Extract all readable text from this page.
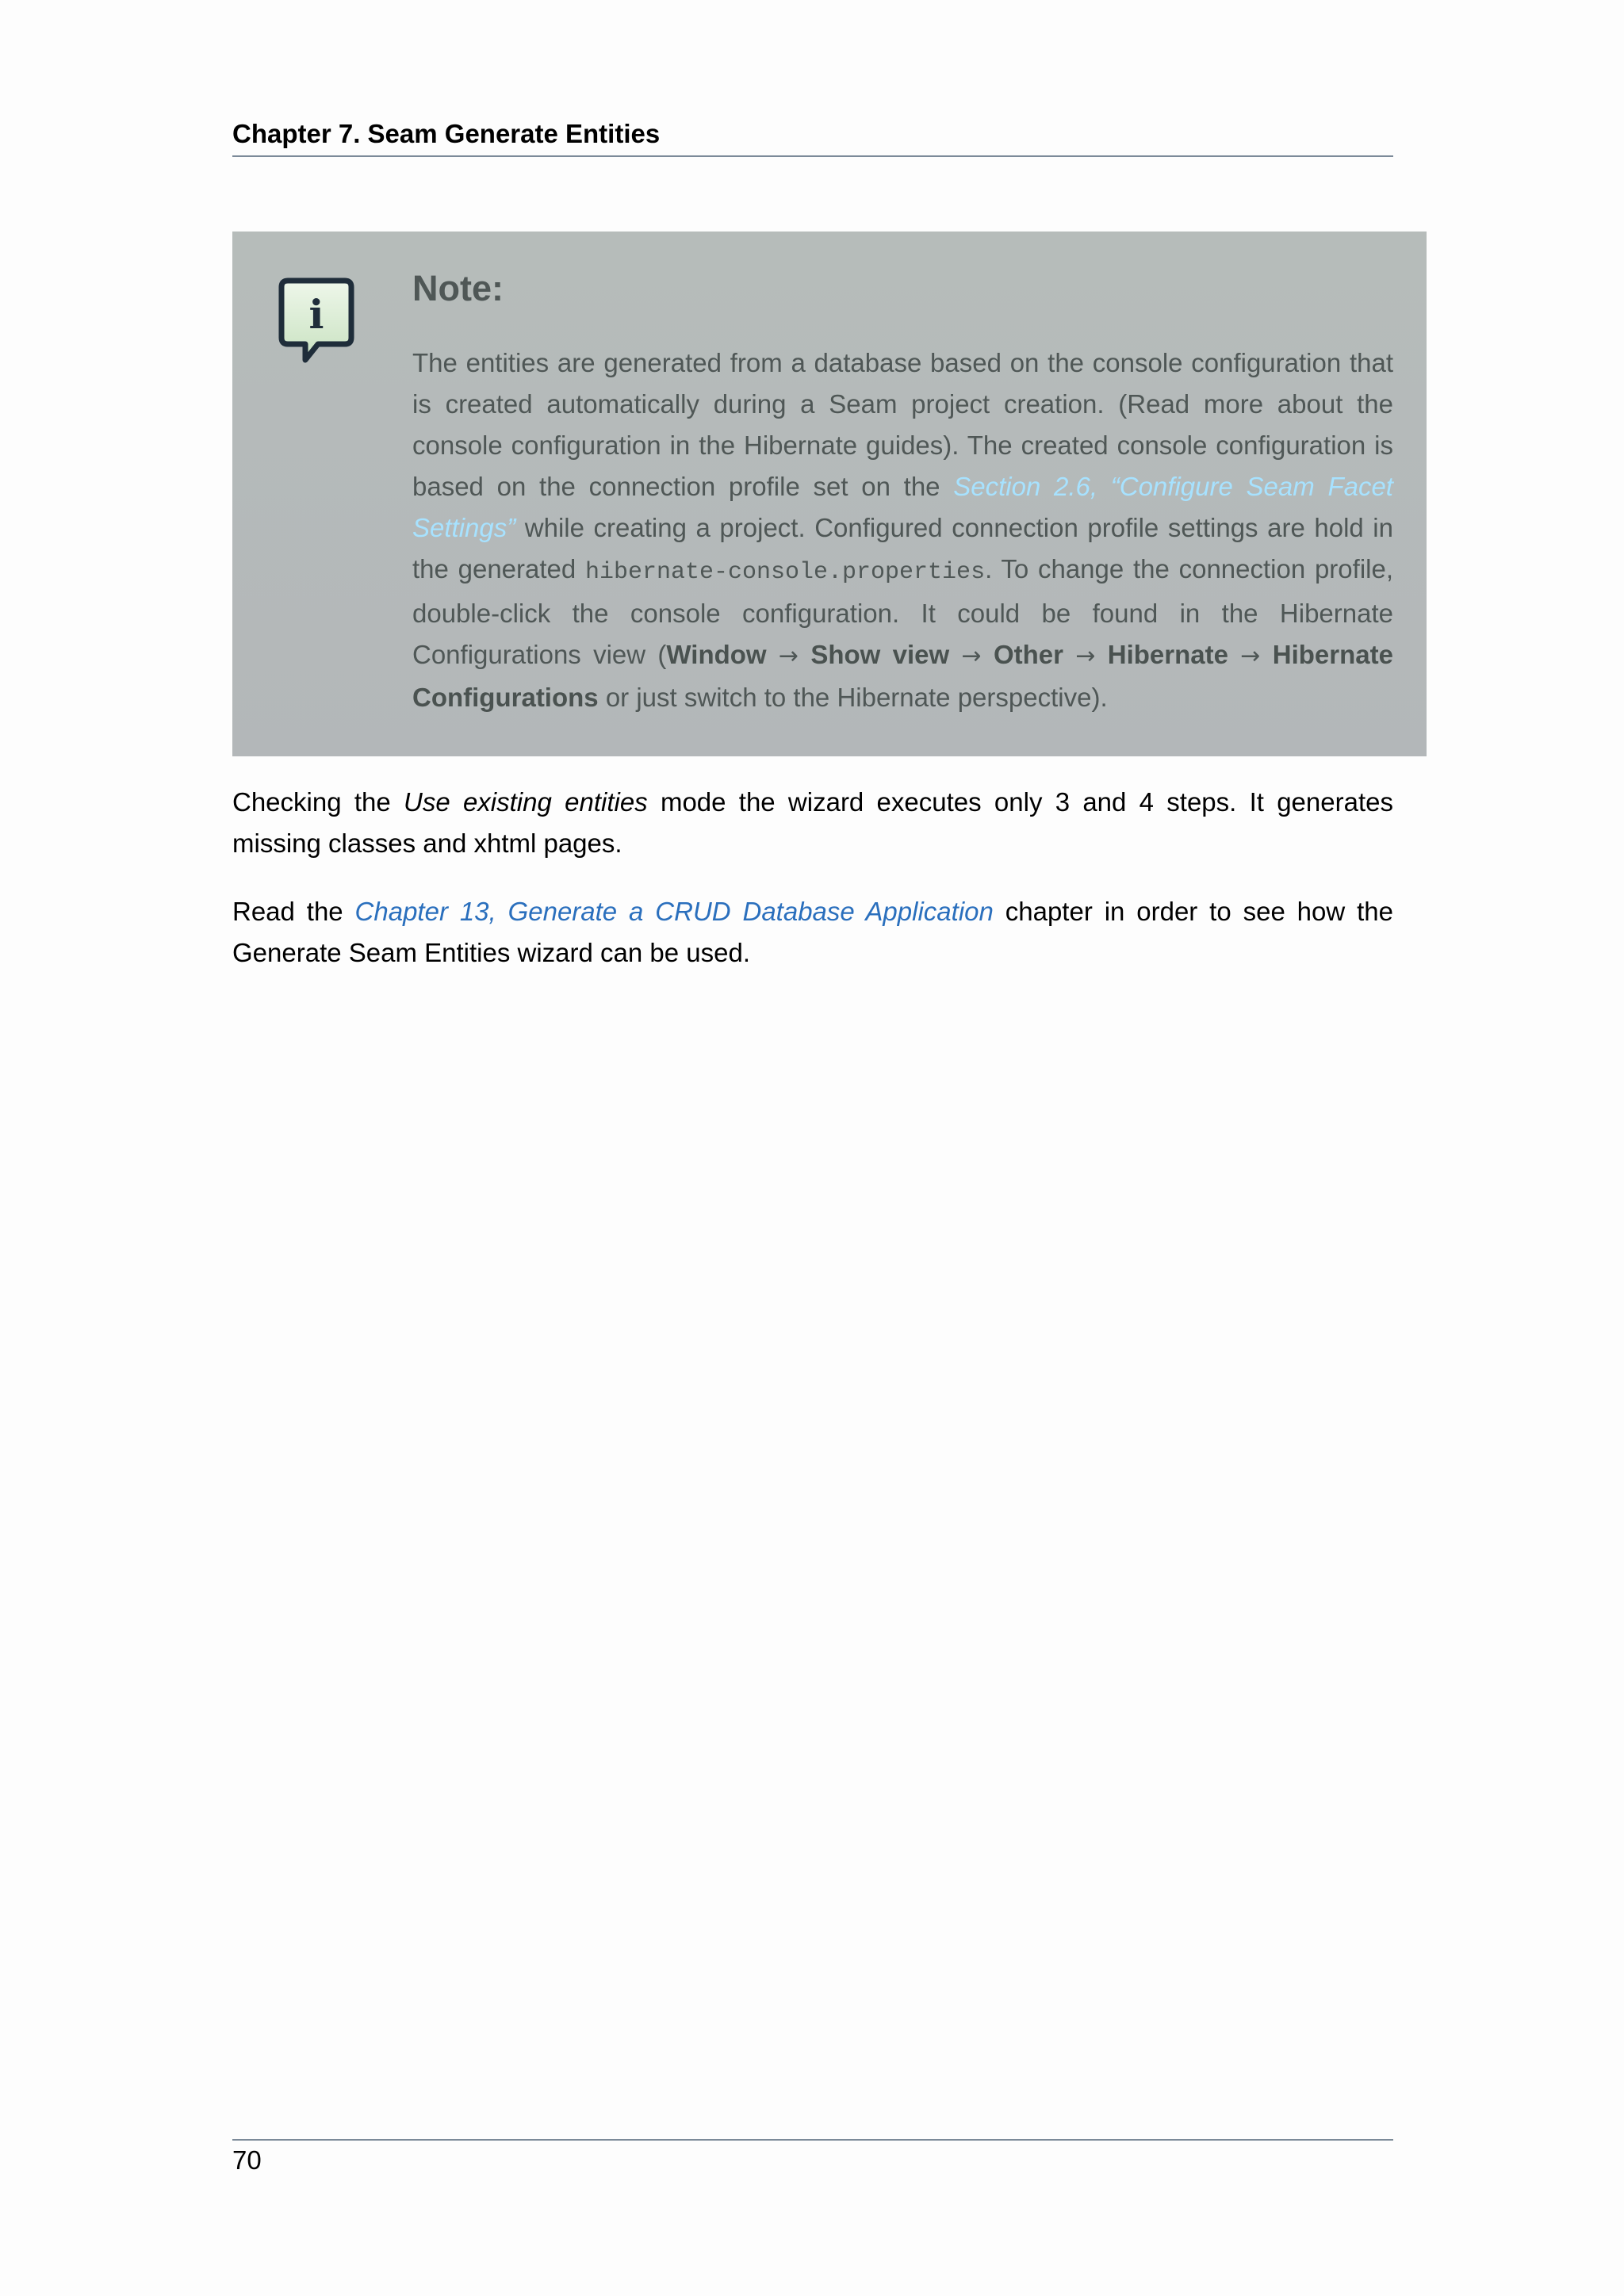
Chapter 7. Seam Generate Entities
i
Note:
The entities are generated from a database based on the console configuration that is created automatically during a Seam project creation. (Read more about the console configuration in the Hibernate guides). The created console configuration is based on the connection profile set on the Section 2.6, “Configure Seam Facet Settings” while creating a project. Configured connection profile settings are hold in the generated hibernate-console.properties. To change the connection profile, double-click the console configuration. It could be found in the Hibernate Configurations view (Window → Show view → Other → Hibernate → Hibernate Configurations or just switch to the Hibernate perspective).
Checking the Use existing entities mode the wizard executes only 3 and 4 steps. It generates missing classes and xhtml pages.
Read the Chapter 13, Generate a CRUD Database Application chapter in order to see how the Generate Seam Entities wizard can be used.
70
